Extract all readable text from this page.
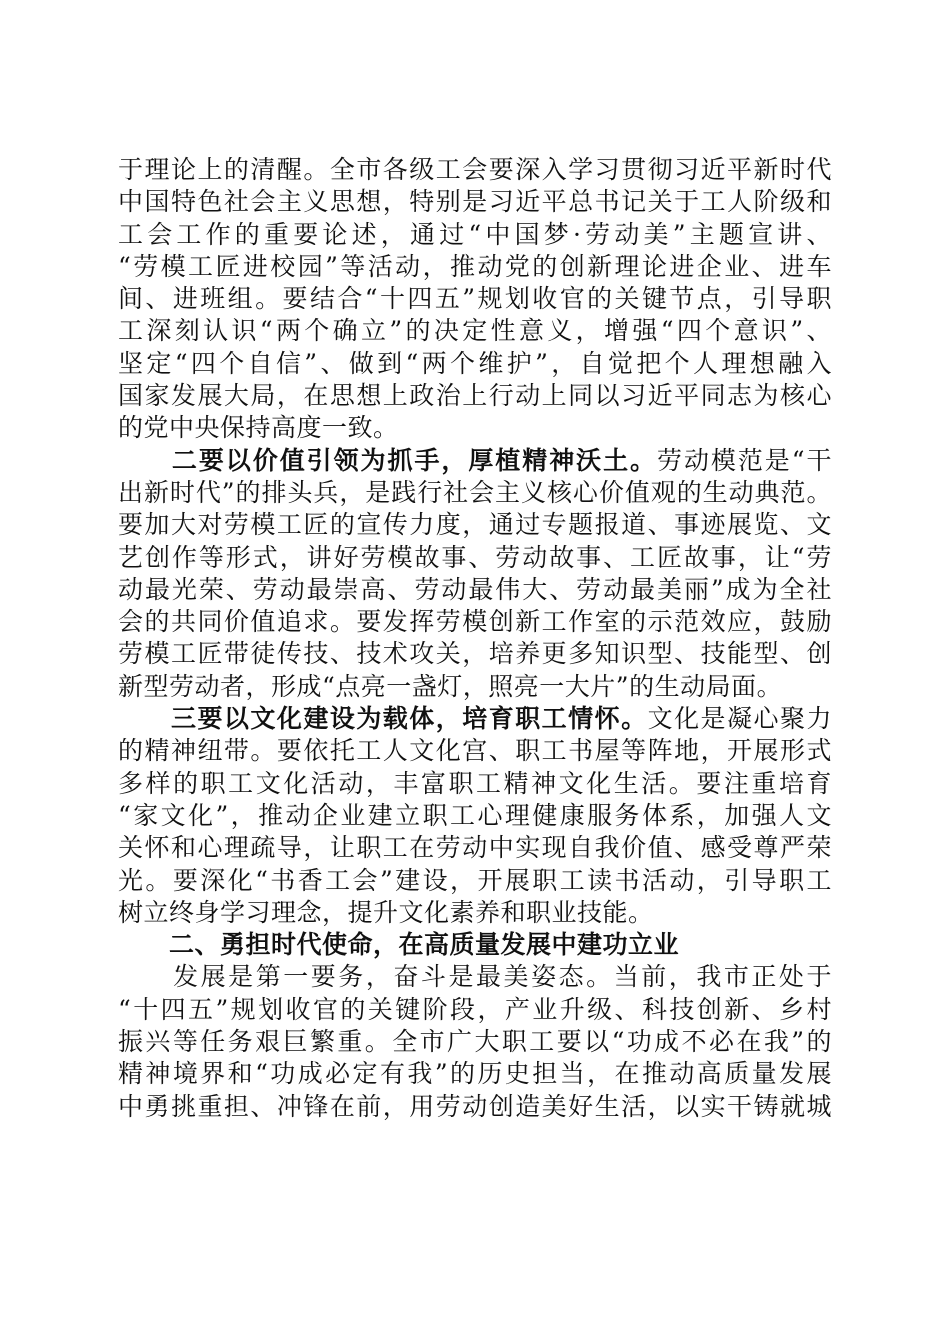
于理论上的清醒。全市各级工会要深入学习贯彻习近平新时代
中国特色社会主义思想，特别是习近平总书记关于工人阶级和
工会工作的重要论述，通过“中国梦·劳动美”主题宣讲、
“劳模工匠进校园”等活动，推动党的创新理论进企业、进车
间、进班组。要结合“十四五”规划收官的关键节点，引导职
工深刻认识“两个确立”的决定性意义，增强“四个意识”、
坚定“四个自信”、做到“两个维护”，自觉把个人理想融入
国家发展大局，在思想上政治上行动上同以习近平同志为核心
的党中央保持高度一致。
　　二要以价值引领为抓手，厚植精神沃土。劳动模范是“干
出新时代”的排头兵，是践行社会主义核心价值观的生动典范。
要加大对劳模工匠的宣传力度，通过专题报道、事迹展览、文
艺创作等形式，讲好劳模故事、劳动故事、工匠故事，让“劳
动最光荣、劳动最崇高、劳动最伟大、劳动最美丽”成为全社
会的共同价值追求。要发挥劳模创新工作室的示范效应，鼓励
劳模工匠带徒传技、技术攻关，培养更多知识型、技能型、创
新型劳动者，形成“点亮一盏灯，照亮一大片”的生动局面。
　　三要以文化建设为载体，培育职工情怀。文化是凝心聚力
的精神纽带。要依托工人文化宫、职工书屋等阵地，开展形式
多样的职工文化活动，丰富职工精神文化生活。要注重培育
“家文化”，推动企业建立职工心理健康服务体系，加强人文
关怀和心理疏导，让职工在劳动中实现自我价值、感受尊严荣
光。要深化“书香工会”建设，开展职工读书活动，引导职工
树立终身学习理念，提升文化素养和职业技能。
　　二、勇担时代使命，在高质量发展中建功立业
　　发展是第一要务，奋斗是最美姿态。当前，我市正处于
“十四五”规划收官的关键阶段，产业升级、科技创新、乡村
振兴等任务艰巨繁重。全市广大职工要以“功成不必在我”的
精神境界和“功成必定有我”的历史担当，在推动高质量发展
中勇挑重担、冲锋在前，用劳动创造美好生活，以实干铸就城
